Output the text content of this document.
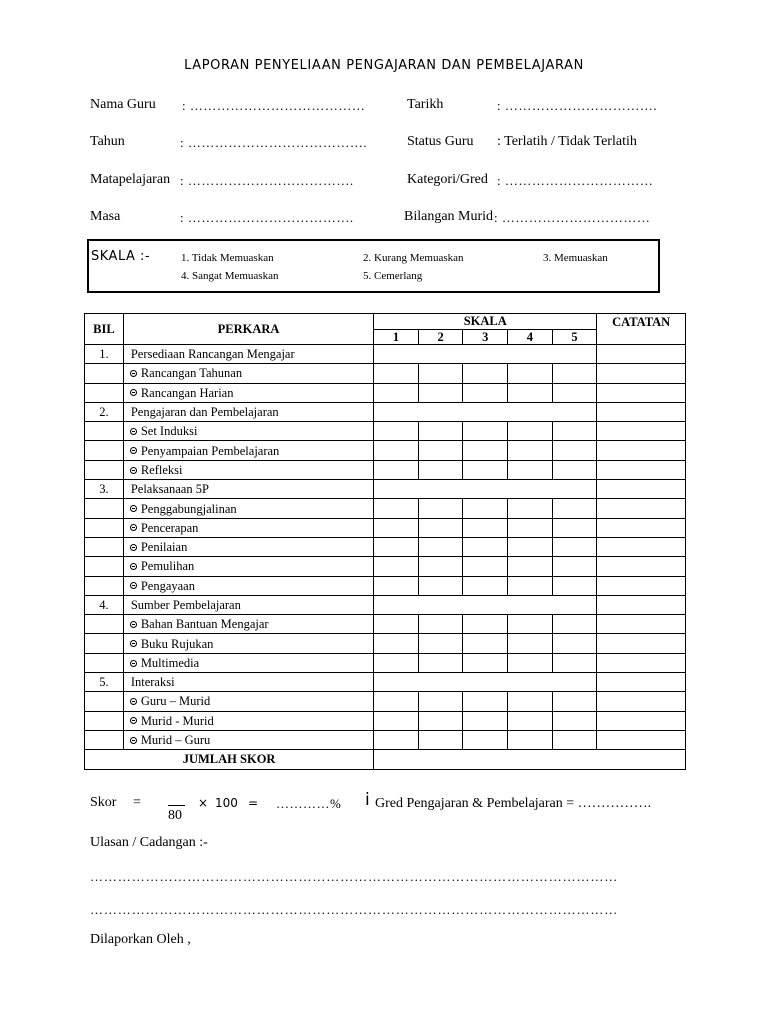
LAPORAN PENYELIAAN PENGAJARAN DAN PEMBELAJARAN
Nama Guru : …………………………………	Tarikh	: …………………………….
Tahun	: ………………………………….	Status Guru : Terlatih / Tidak Terlatih
Matapelajaran : ……………………………….	Kategori/Gred : ……………………………
Masa	: ……………………………….	Bilangan Murid : ……………………………
SKALA :-	1. Tidak Memuaskan	2. Kurang Memuaskan	3. Memuaskan
4. Sangat Memuaskan	5. Cemerlang
BIL	PERKARA	SKALA					CATATAN
		1	2	3	4	5	
1.	Persediaan Rancangan Mengajar						
	Rancangan Tahunan						
	Rancangan Harian						
2.	Pengajaran dan Pembelajaran						
	Set Induksi						
	Penyampaian Pembelajaran						
	Refleksi						
3.	Pelaksanaan 5P						
	Penggabungjalinan						
	Pencerapan						
	Penilaian						
	Pemulihan						
	Pengayaan						
4.	Sumber Pembelajaran						
	Bahan Bantuan Mengajar						
	Buku Rujukan						
	Multimedia						
5.	Interaksi						
	Guru – Murid						
	Murid - Murid						
	Murid – Guru						
JUMLAH SKOR							
Skor =
80
× 100 = …………% i Gred Pengajaran & Pembelajaran = …………….
Ulasan / Cadangan :-
……………………………………………………………………………………………………
……………………………………………………………………………………………………
Dilaporkan Oleh ,
